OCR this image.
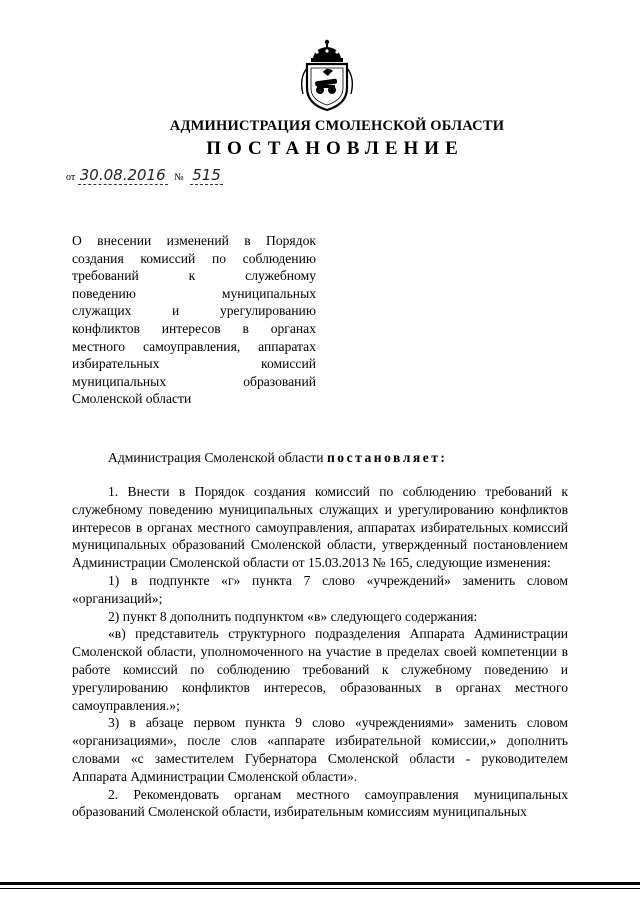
АДМИНИСТРАЦИЯ СМОЛЕНСКОЙ ОБЛАСТИ
ПОСТАНОВЛЕНИЕ
от 30.08.2016 № 515
О внесении изменений в Порядок
создания комиссий по соблюдению
требований к служебному
поведению муниципальных
служащих и урегулированию
конфликтов интересов в органах
местного самоуправления, аппаратах
избирательных комиссий
муниципальных образований
Смоленской области
Администрация Смоленской области постановляет:

1. Внести в Порядок создания комиссий по соблюдению требований к служебному поведению муниципальных служащих и урегулированию конфликтов интересов в органах местного самоуправления, аппаратах избирательных комиссий муниципальных образований Смоленской области, утвержденный постановлением Администрации Смоленской области от 15.03.2013 № 165, следующие изменения:

1) в подпункте «г» пункта 7 слово «учреждений» заменить словом «организаций»;

2) пункт 8 дополнить подпунктом «в» следующего содержания:

«в) представитель структурного подразделения Аппарата Администрации Смоленской области, уполномоченного на участие в пределах своей компетенции в работе комиссий по соблюдению требований к служебному поведению и урегулированию конфликтов интересов, образованных в органах местного самоуправления.»;

3) в абзаце первом пункта 9 слово «учреждениями» заменить словом «организациями», после слов «аппарате избирательной комиссии,» дополнить словами «с заместителем Губернатора Смоленской области - руководителем Аппарата Администрации Смоленской области».

2. Рекомендовать органам местного самоуправления муниципальных образований Смоленской области, избирательным комиссиям муниципальных
